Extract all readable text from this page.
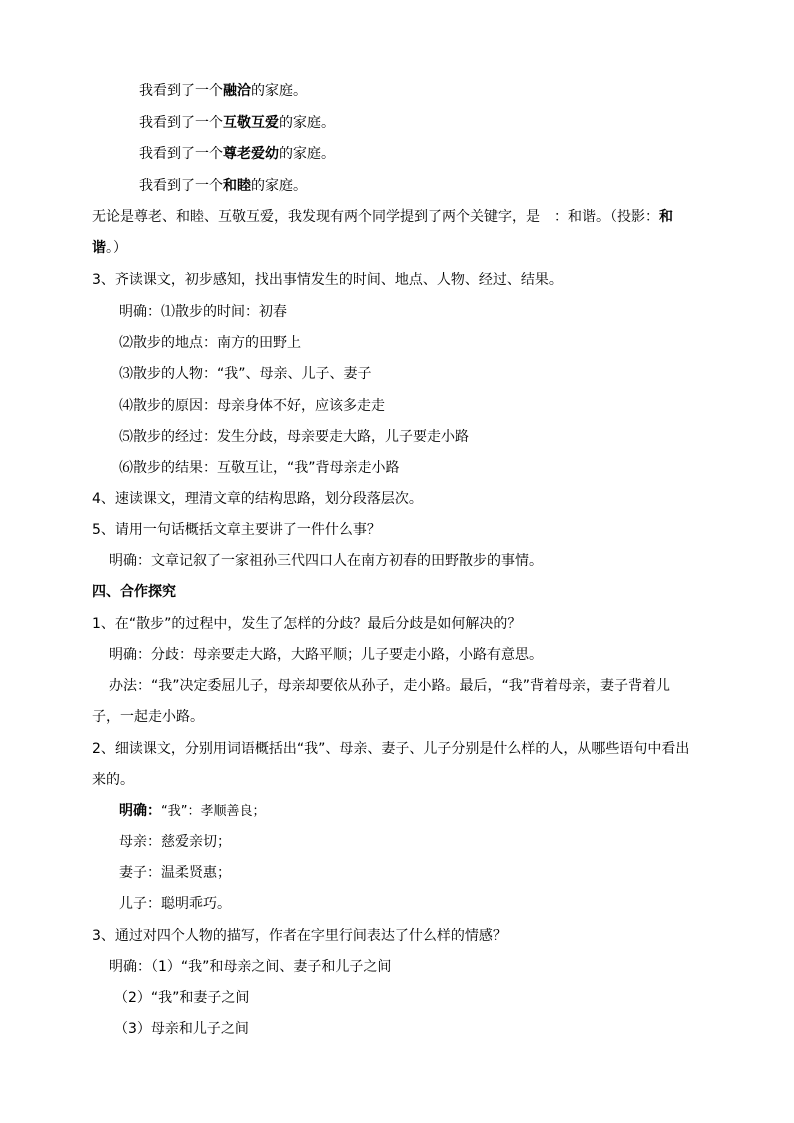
我看到了一个融洽的家庭。
我看到了一个互敬互爱的家庭。
我看到了一个尊老爱幼的家庭。
我看到了一个和睦的家庭。
无论是尊老、和睦、互敬互爱，我发现有两个同学提到了两个关键字，是　：和谐。（投影：和
谐。）
3、齐读课文，初步感知，找出事情发生的时间、地点、人物、经过、结果。
明确：⑴散步的时间：初春
⑵散步的地点：南方的田野上
⑶散步的人物：“我”、母亲、儿子、妻子
⑷散步的原因：母亲身体不好，应该多走走
⑸散步的经过：发生分歧，母亲要走大路，儿子要走小路
⑹散步的结果：互敬互让，“我”背母亲走小路
4、速读课文，理清文章的结构思路，划分段落层次。
5、请用一句话概括文章主要讲了一件什么事？
明确：文章记叙了一家祖孙三代四口人在南方初春的田野散步的事情。
四、合作探究
1、在“散步”的过程中，发生了怎样的分歧？最后分歧是如何解决的？
明确：分歧：母亲要走大路，大路平顺；儿子要走小路，小路有意思。
办法：“我”决定委屈儿子，母亲却要依从孙子，走小路。最后，“我”背着母亲，妻子背着儿
子，一起走小路。
2、细读课文，分别用词语概括出“我”、母亲、妻子、儿子分别是什么样的人，从哪些语句中看出
来的。
明确：“我”：孝顺善良；
母亲：慈爱亲切；
妻子：温柔贤惠；
儿子：聪明乖巧。
3、通过对四个人物的描写，作者在字里行间表达了什么样的情感？
明确：（1）“我”和母亲之间、妻子和儿子之间
（2）“我”和妻子之间
（3）母亲和儿子之间
